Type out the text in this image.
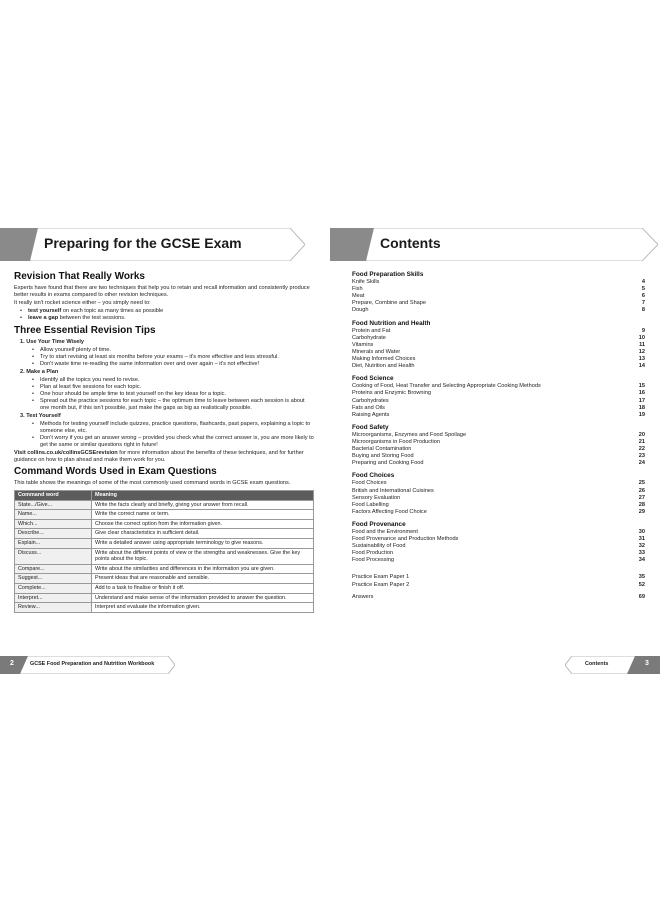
Preparing for the GCSE Exam
Revision That Really Works
Experts have found that there are two techniques that help you to retain and recall information and consistently produce better results in exams compared to other revision techniques.
It really isn't rocket science either – you simply need to:
• test yourself on each topic as many times as possible
• leave a gap between the test sessions.
Three Essential Revision Tips
1. Use Your Time Wisely
• Allow yourself plenty of time.
• Try to start revising at least six months before your exams – it's more effective and less stressful.
• Don't waste time re-reading the same information over and over again – it's not effective!
2. Make a Plan
• Identify all the topics you need to revise.
• Plan at least five sessions for each topic.
• One hour should be ample time to test yourself on the key ideas for a topic.
• Spread out the practice sessions for each topic – the optimum time to leave between each session is about one month but, if this isn't possible, just make the gaps as big as realistically possible.
3. Test Yourself
• Methods for testing yourself include quizzes, practice questions, flashcards, past papers, explaining a topic to someone else, etc.
• Don't worry if you get an answer wrong – provided you check what the correct answer is, you are more likely to get the same or similar questions right in future!
Visit collins.co.uk/collinsGCSErevision for more information about the benefits of these techniques, and for further guidance on how to plan ahead and make them work for you.
Command Words Used in Exam Questions
This table shows the meanings of some of the most commonly used command words in GCSE exam questions.
Command word	Meaning
State.../Give...	Write the facts clearly and briefly, giving your answer from recall.
Name...	Write the correct name or term.
Which...	Choose the correct option from the information given.
Describe...	Give clear characteristics in sufficient detail.
Explain...	Write a detailed answer using appropriate terminology to give reasons.
Discuss...	Write about the different points of view or the strengths and weaknesses. Give the key points about the topic.
Compare...	Write about the similarities and differences in the information you are given.
Suggest...	Present ideas that are reasonable and sensible.
Complete...	Add to a task to finalise or finish it off.
Interpret...	Understand and make sense of the information provided to answer the question.
Review...	Interpret and evaluate the information given.
2	GCSE Food Preparation and Nutrition Workbook
Contents
Food Preparation Skills
Knife Skills	4
Fish	5
Meat	6
Prepare, Combine and Shape	7
Dough	8
Food Nutrition and Health
Protein and Fat	9
Carbohydrate	10
Vitamins	11
Minerals and Water	12
Making Informed Choices	13
Diet, Nutrition and Health	14
Food Science
Cooking of Food, Heat Transfer and Selecting Appropriate Cooking Methods	15
Proteins and Enzymic Browning	16
Carbohydrates	17
Fats and Oils	18
Raising Agents	19
Food Safety
Microorganisms, Enzymes and Food Spoilage	20
Microorganisms in Food Production	21
Bacterial Contamination	22
Buying and Storing Food	23
Preparing and Cooking Food	24
Food Choices
Food Choices	25
British and International Cuisines	26
Sensory Evaluation	27
Food Labelling	28
Factors Affecting Food Choice	29
Food Provenance
Food and the Environment	30
Food Provenance and Production Methods	31
Sustainability of Food	32
Food Production	33
Food Processing	34
Practice Exam Paper 1	35
Practice Exam Paper 2	52
Answers	69
Contents	3
